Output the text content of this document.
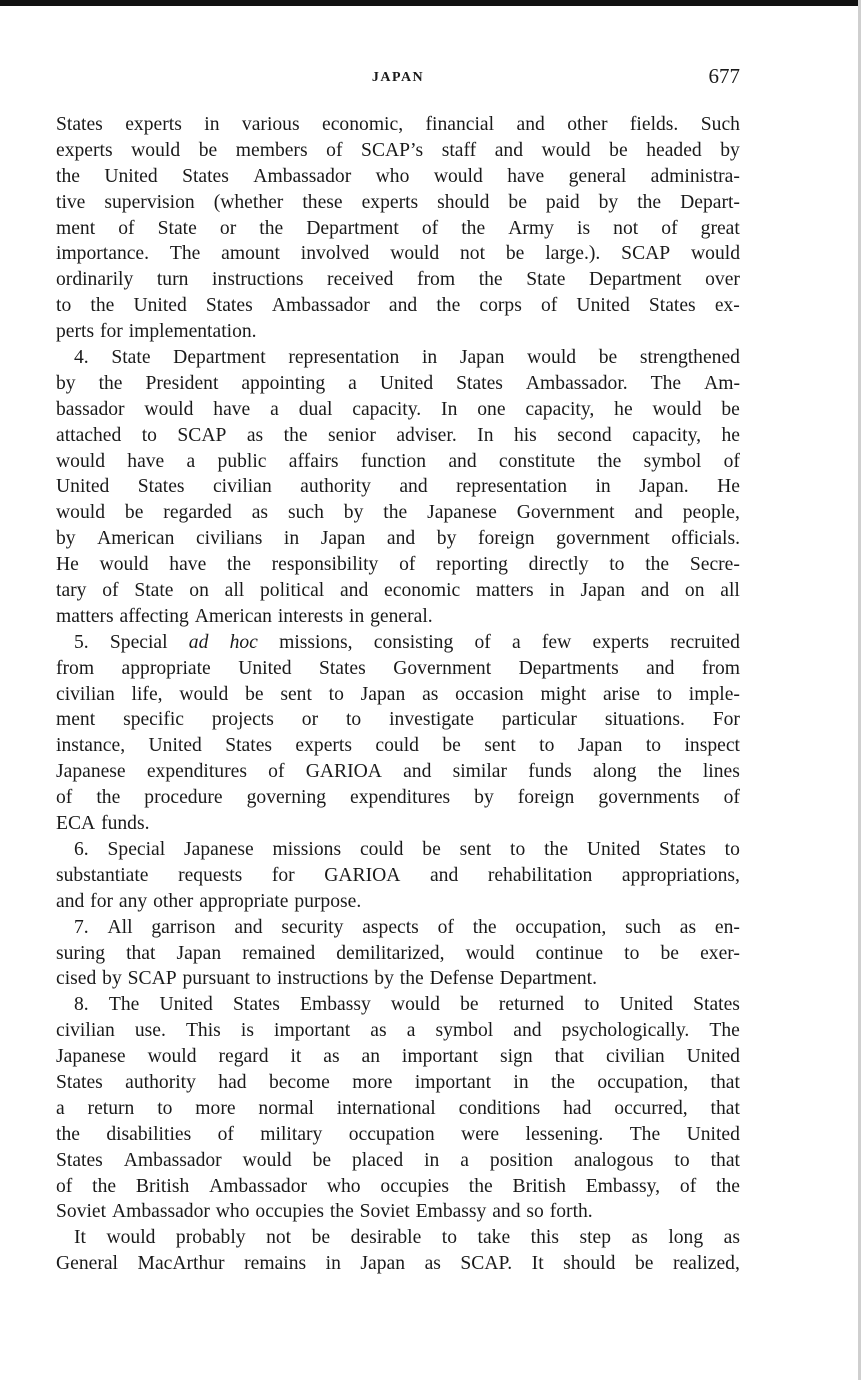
JAPAN	677
States experts in various economic, financial and other fields. Such
experts would be members of SCAP’s staff and would be headed by
the United States Ambassador who would have general administra-
tive supervision (whether these experts should be paid by the Depart-
ment of State or the Department of the Army is not of great
importance. The amount involved would not be large.). SCAP would
ordinarily turn instructions received from the State Department over
to the United States Ambassador and the corps of United States ex-
perts for implementation.
4. State Department representation in Japan would be strengthened
by the President appointing a United States Ambassador. The Am-
bassador would have a dual capacity. In one capacity, he would be
attached to SCAP as the senior adviser. In his second capacity, he
would have a public affairs function and constitute the symbol of
United States civilian authority and representation in Japan. He
would be regarded as such by the Japanese Government and people,
by American civilians in Japan and by foreign government officials.
He would have the responsibility of reporting directly to the Secre-
tary of State on all political and economic matters in Japan and on all
matters affecting American interests in general.
5. Special ad hoc missions, consisting of a few experts recruited
from appropriate United States Government Departments and from
civilian life, would be sent to Japan as occasion might arise to imple-
ment specific projects or to investigate particular situations. For
instance, United States experts could be sent to Japan to inspect
Japanese expenditures of GARIOA and similar funds along the lines
of the procedure governing expenditures by foreign governments of
ECA funds.
6. Special Japanese missions could be sent to the United States to
substantiate requests for GARIOA and rehabilitation appropriations,
and for any other appropriate purpose.
7. All garrison and security aspects of the occupation, such as en-
suring that Japan remained demilitarized, would continue to be exer-
cised by SCAP pursuant to instructions by the Defense Department.
8. The United States Embassy would be returned to United States
civilian use. This is important as a symbol and psychologically. The
Japanese would regard it as an important sign that civilian United
States authority had become more important in the occupation, that
a return to more normal international conditions had occurred, that
the disabilities of military occupation were lessening. The United
States Ambassador would be placed in a position analogous to that
of the British Ambassador who occupies the British Embassy, of the
Soviet Ambassador who occupies the Soviet Embassy and so forth.
It would probably not be desirable to take this step as long as
General MacArthur remains in Japan as SCAP. It should be realized,
